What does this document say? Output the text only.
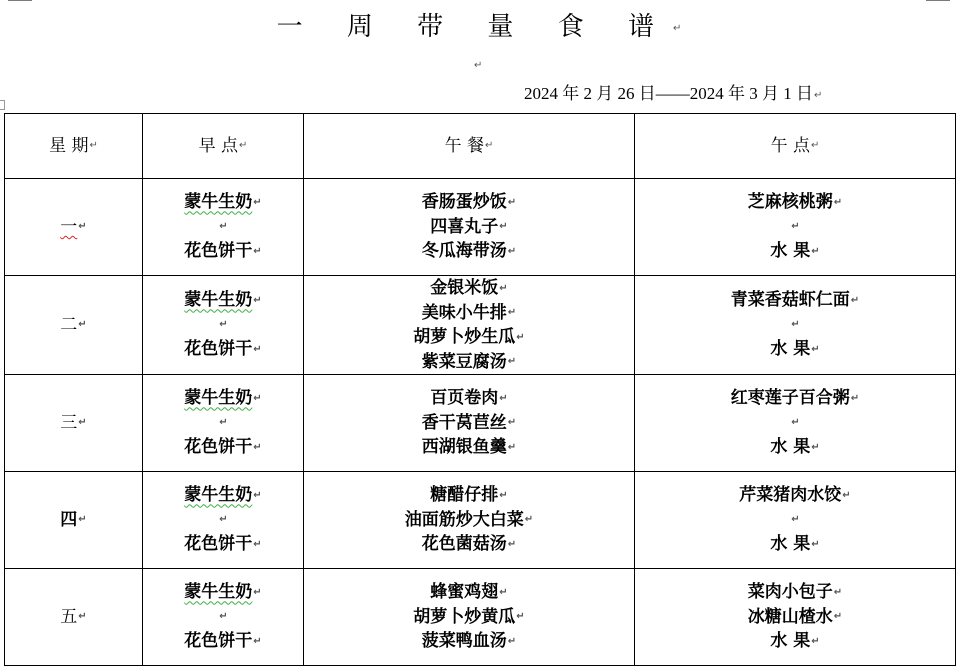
一 周 带 量 食 谱↵
↵
2024 年 2 月 26 日——2024 年 3 月 1 日↵
星 期↵	早 点↵	午 餐↵	午 点↵
一↵	蒙牛生奶↵
↵
花色饼干↵	香肠蛋炒饭↵
四喜丸子↵
冬瓜海带汤↵	芝麻核桃粥↵
↵
水 果↵

二↵	蒙牛生奶↵
↵
花色饼干↵	金银米饭↵
美味小牛排↵
胡萝卜炒生瓜↵
紫菜豆腐汤↵	青菜香菇虾仁面↵
↵
水 果↵

三↵	蒙牛生奶↵
↵
花色饼干↵	百页卷肉↵
香干莴苣丝↵
西湖银鱼羹↵	红枣莲子百合粥↵
↵
水 果↵

四↵	蒙牛生奶↵
↵
花色饼干↵	糖醋仔排↵
油面筋炒大白菜↵
花色菌菇汤↵	芹菜猪肉水饺↵
↵
水 果↵

五↵	蒙牛生奶↵
↵
花色饼干↵	蜂蜜鸡翅↵
胡萝卜炒黄瓜↵
菠菜鸭血汤↵	菜肉小包子↵
冰糖山楂水↵
水 果↵
